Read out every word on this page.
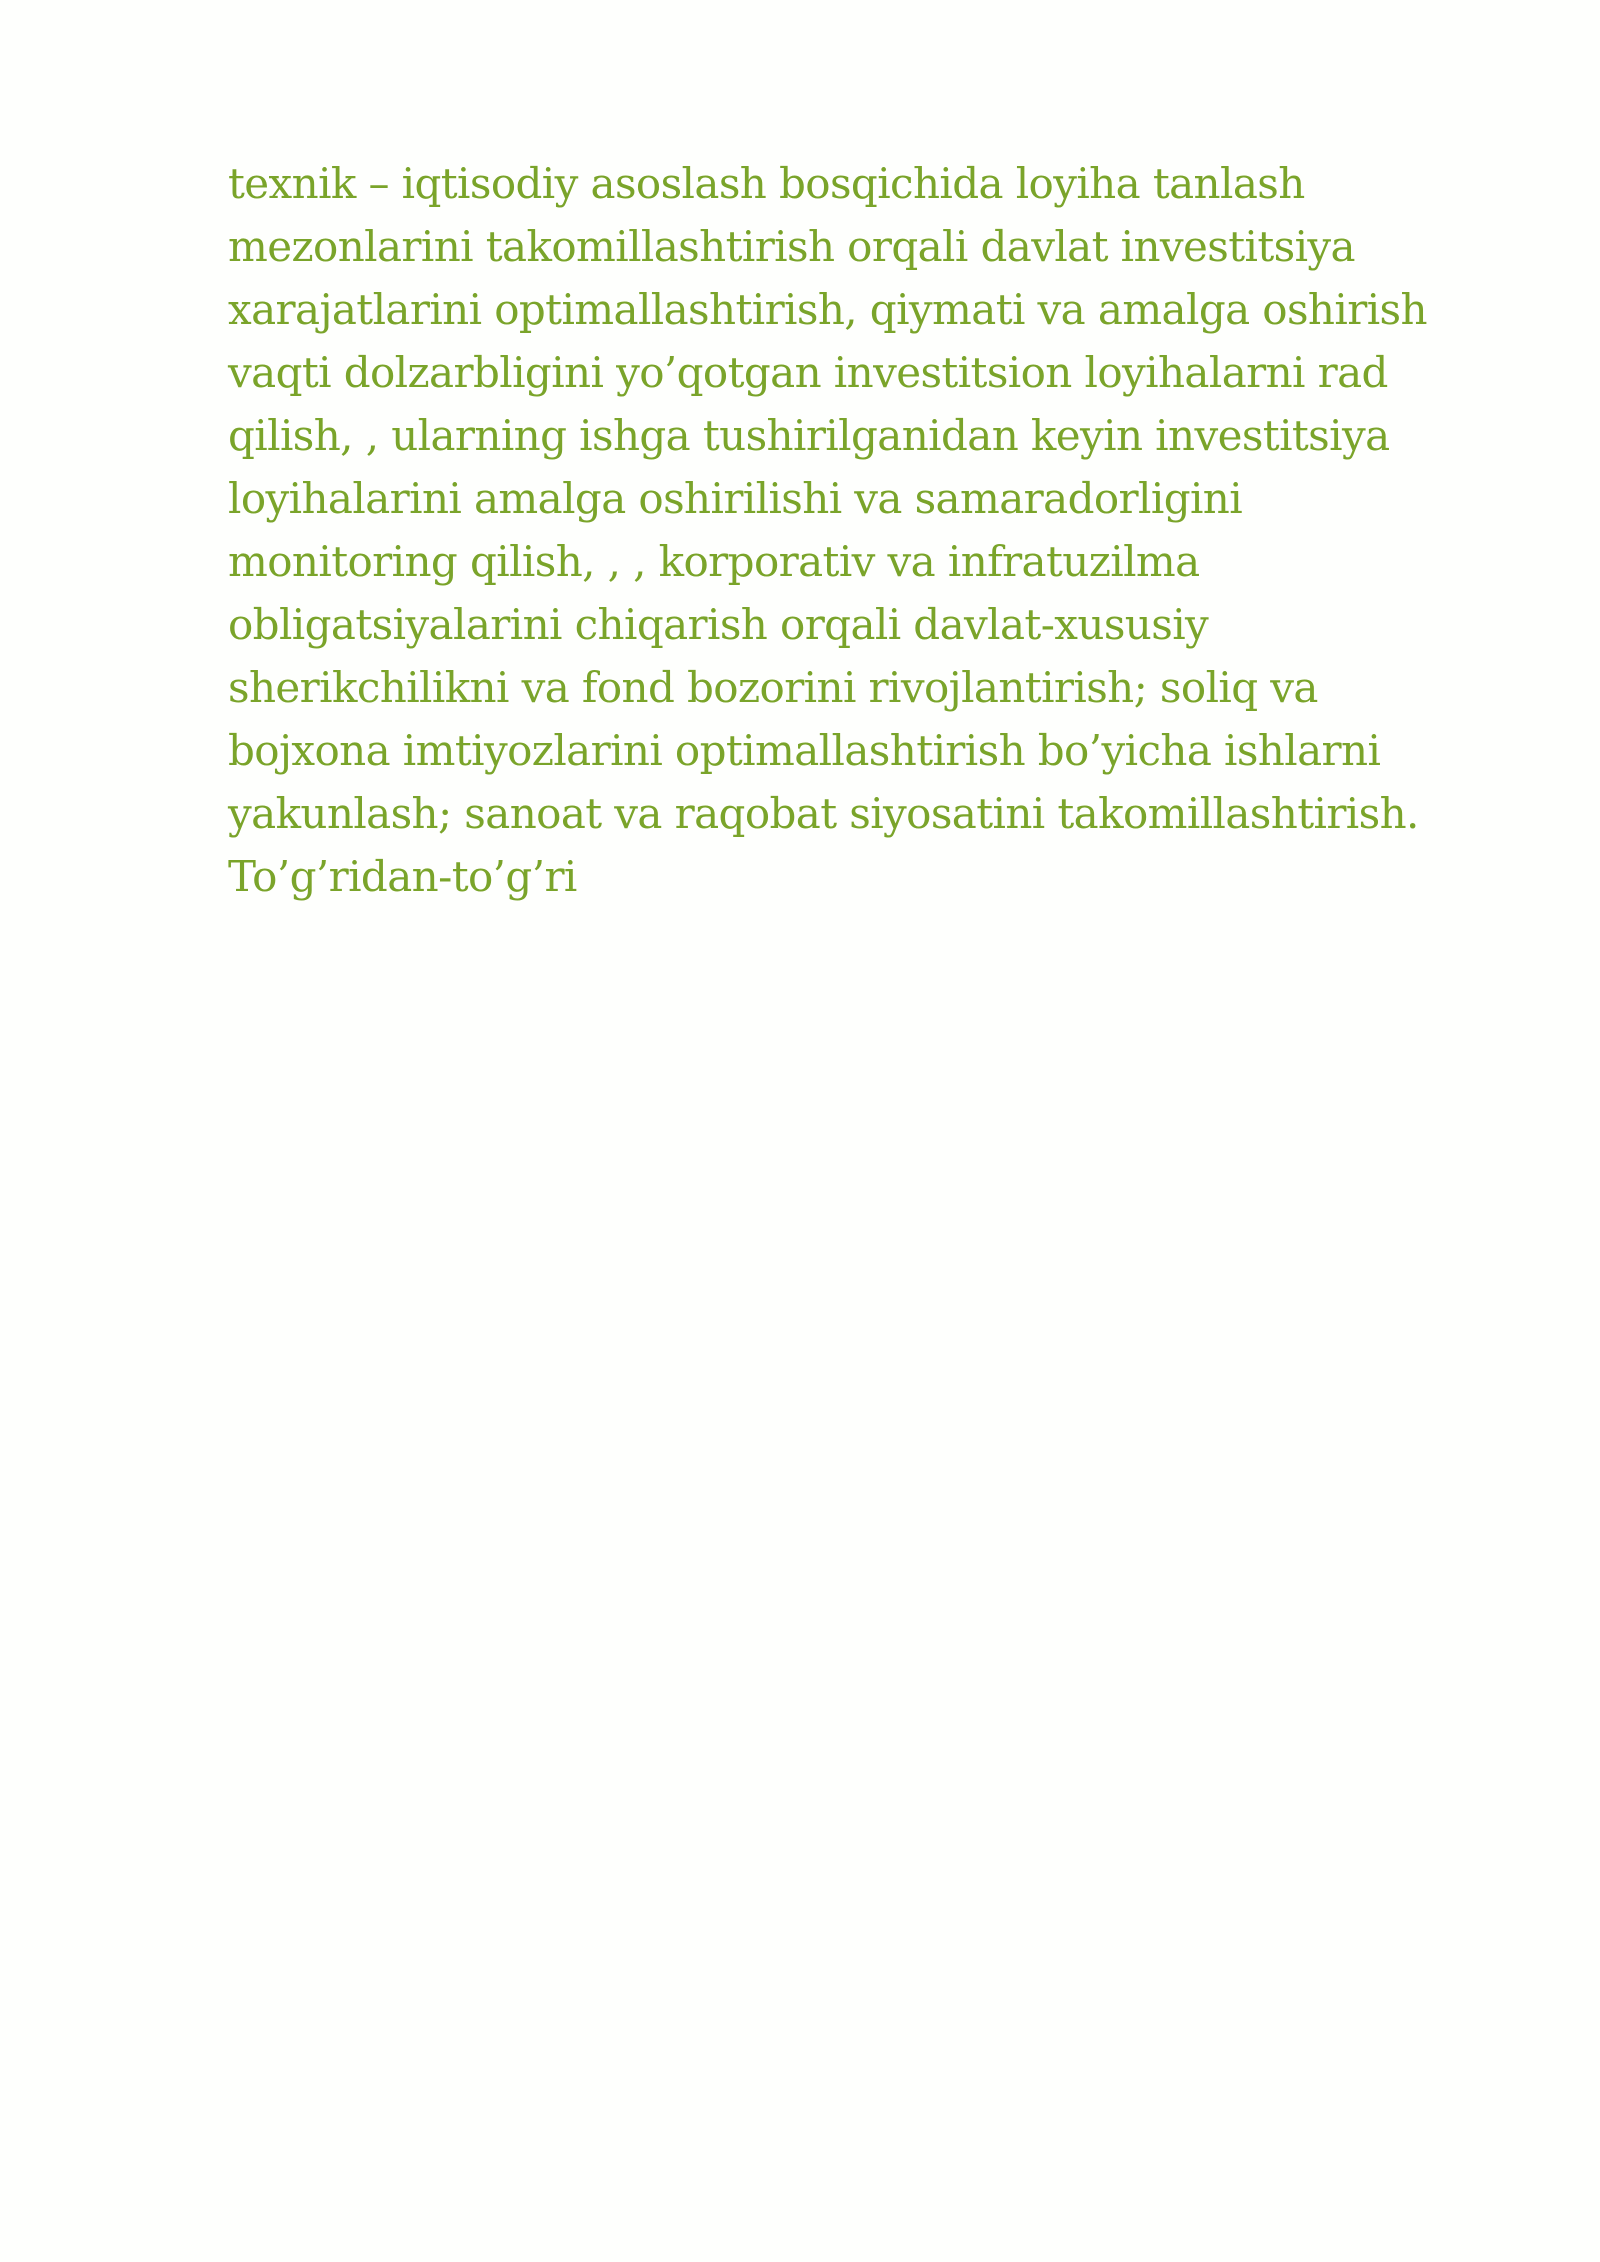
texnik – iqtisodiy asoslash bosqichida loyiha tanlash
mezonlarini takomillashtirish orqali davlat investitsiya
xarajatlarini optimallashtirish, qiymati va amalga oshirish
vaqti dolzarbligini yo’qotgan investitsion loyihalarni rad
qilish, , ularning ishga tushirilganidan keyin investitsiya
loyihalarini amalga oshirilishi va samaradorligini
monitoring qilish, , , korporativ va infratuzilma
obligatsiyalarini chiqarish orqali davlat-xususiy
sherikchilikni va fond bozorini rivojlantirish; soliq va
bojxona imtiyozlarini optimallashtirish bo’yicha ishlarni
yakunlash; sanoat va raqobat siyosatini takomillashtirish.
To’g’ridan-to’g’ri
